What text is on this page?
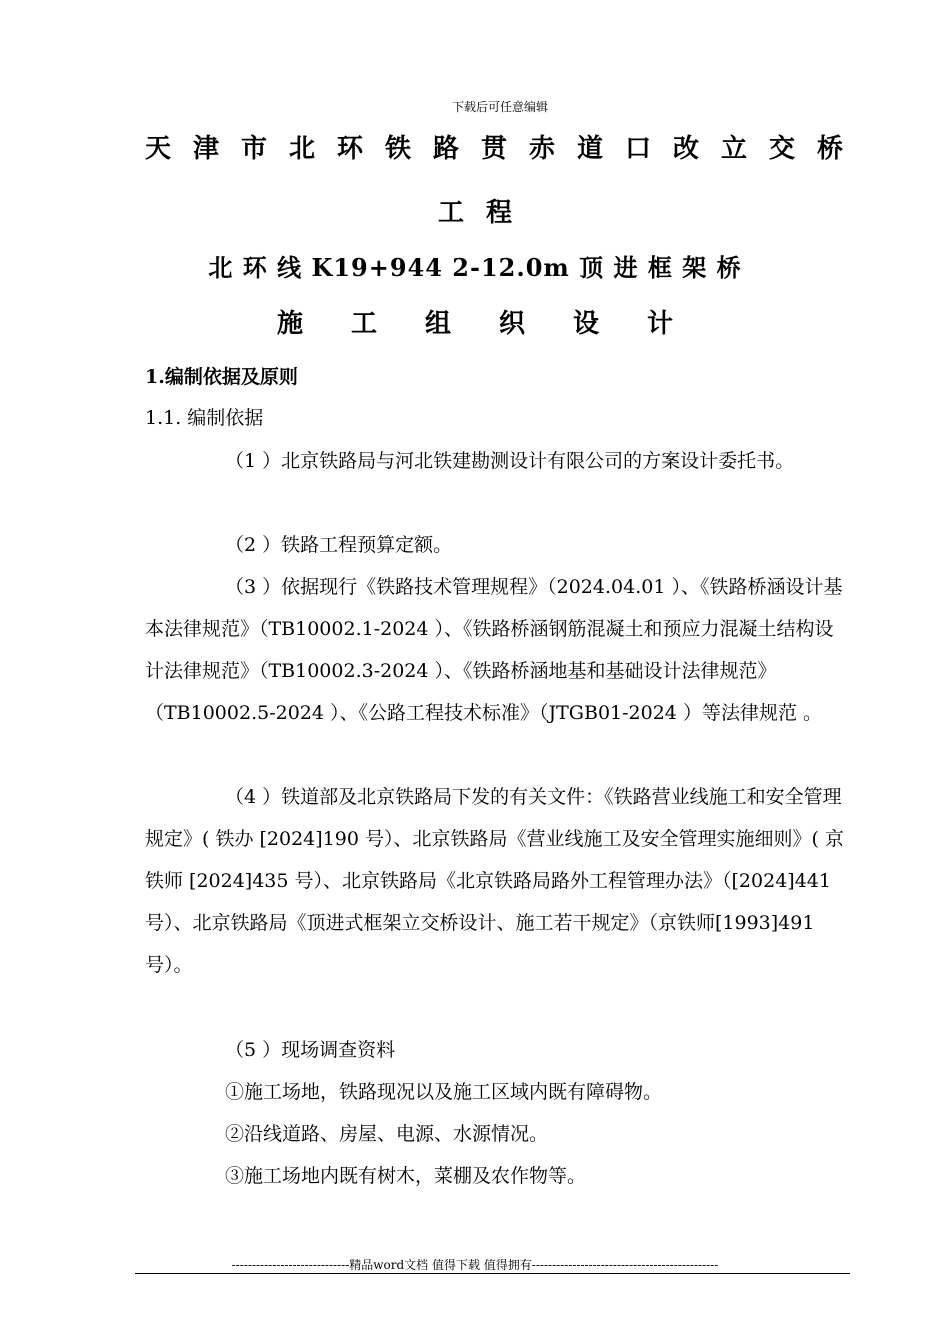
下载后可任意编辑
天津市北环铁路贯赤道口改立交桥
工程
北 环 线 K19+944 2-12.0m 顶 进 框 架 桥
施工组织设计
1.编制依据及原则
1.1. 编制依据
（1 ）北京铁路局与河北铁建勘测设计有限公司的方案设计委托书。
（2 ）铁路工程预算定额。
（3 ）依据现行《铁路技术管理规程》（2024.04.01 ）、《铁路桥涵设计基本法律规范》（TB10002.1-2024 ）、《铁路桥涵钢筋混凝土和预应力混凝土结构设计法律规范》（TB10002.3-2024 ）、《铁路桥涵地基和基础设计法律规范》（TB10002.5-2024 ）、《公路工程技术标准》（JTGB01-2024 ）等法律规范 。
（4 ）铁道部及北京铁路局下发的有关文件：《铁路营业线施工和安全管理规定》( 铁办 [2024]190 号）、北京铁路局《营业线施工及安全管理实施细则》( 京铁师 [2024]435 号）、北京铁路局《北京铁路局路外工程管理办法》（[2024]441 号）、北京铁路局《顶进式框架立交桥设计、施工若干规定》（京铁师[1993]491 号）。
（5 ）现场调查资料
①施工场地，铁路现况以及施工区域内既有障碍物。
②沿线道路、房屋、电源、水源情况。
③施工场地内既有树木，菜棚及农作物等。
-----------------------------精品word文档 值得下载 值得拥有----------------------------------------------
